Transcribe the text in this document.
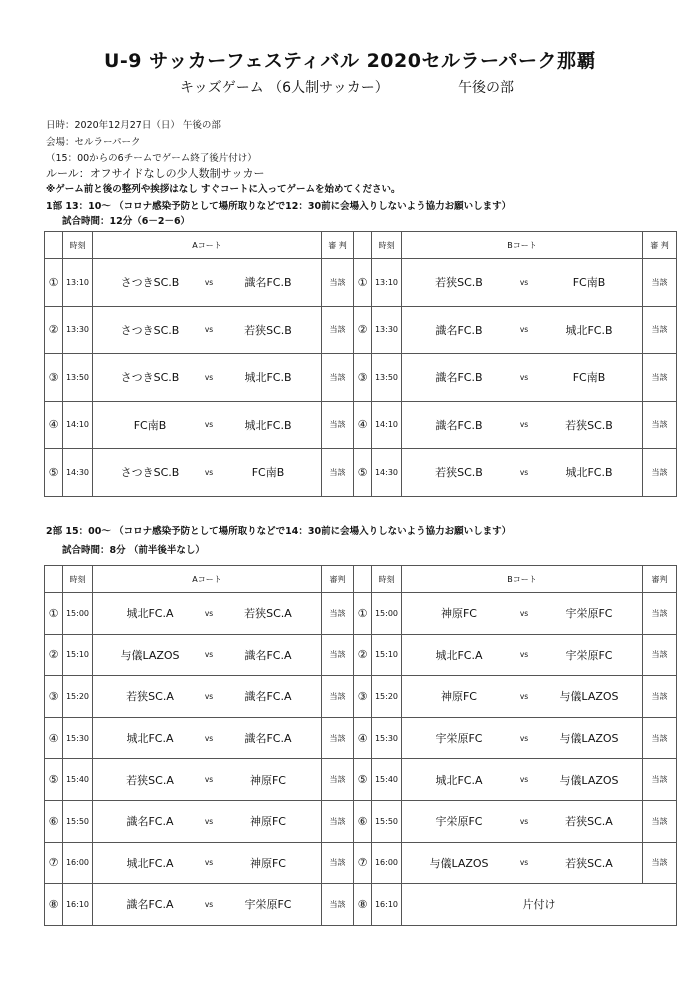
U-9 サッカーフェスティバル 2020セルラーパーク那覇
キッズゲーム （6人制サッカー）	午後の部
日時：2020年12月27日（日） 午後の部
会場：セルラーパーク
（15：00からの6チームでゲーム終了後片付け）
ルール：オフサイドなしの少人数制サッカー
※ゲーム前と後の整列や挨拶はなし すぐコートに入ってゲームを始めてください。
1部 13：10～ （コロナ感染予防として場所取りなどで12：30前に会場入りしないよう協力お願いします）
試合時間：12分（6－2－6）
	時刻	Aコート	審 判		時刻	Bコート	審 判
①	13:10	さつきSC.B vs 識名FC.B	当該	①	13:10	若狭SC.B vs FC南B	当該
②	13:30	さつきSC.B vs 若狭SC.B	当該	②	13:30	識名FC.B vs 城北FC.B	当該
③	13:50	さつきSC.B vs 城北FC.B	当該	③	13:50	識名FC.B vs FC南B	当該
④	14:10	FC南B vs 城北FC.B	当該	④	14:10	識名FC.B vs 若狭SC.B	当該
⑤	14:30	さつきSC.B vs FC南B	当該	⑤	14:30	若狭SC.B vs 城北FC.B	当該
2部 15：00～ （コロナ感染予防として場所取りなどで14：30前に会場入りしないよう協力お願いします）
試合時間：8分 （前半後半なし）
	時刻	Aコート	審判		時刻	Bコート	審判
①	15:00	城北FC.A vs 若狭SC.A	当該	①	15:00	神原FC vs 宇栄原FC	当該
②	15:10	与儀LAZOS vs 識名FC.A	当該	②	15:10	城北FC.A vs 宇栄原FC	当該
③	15:20	若狭SC.A vs 識名FC.A	当該	③	15:20	神原FC vs 与儀LAZOS	当該
④	15:30	城北FC.A vs 識名FC.A	当該	④	15:30	宇栄原FC vs 与儀LAZOS	当該
⑤	15:40	若狭SC.A vs 神原FC	当該	⑤	15:40	城北FC.A vs 与儀LAZOS	当該
⑥	15:50	識名FC.A vs 神原FC	当該	⑥	15:50	宇栄原FC vs 若狭SC.A	当該
⑦	16:00	城北FC.A vs 神原FC	当該	⑦	16:00	与儀LAZOS vs 若狭SC.A	当該
⑧	16:10	識名FC.A vs 宇栄原FC	当該	⑧	16:10	片付け	
